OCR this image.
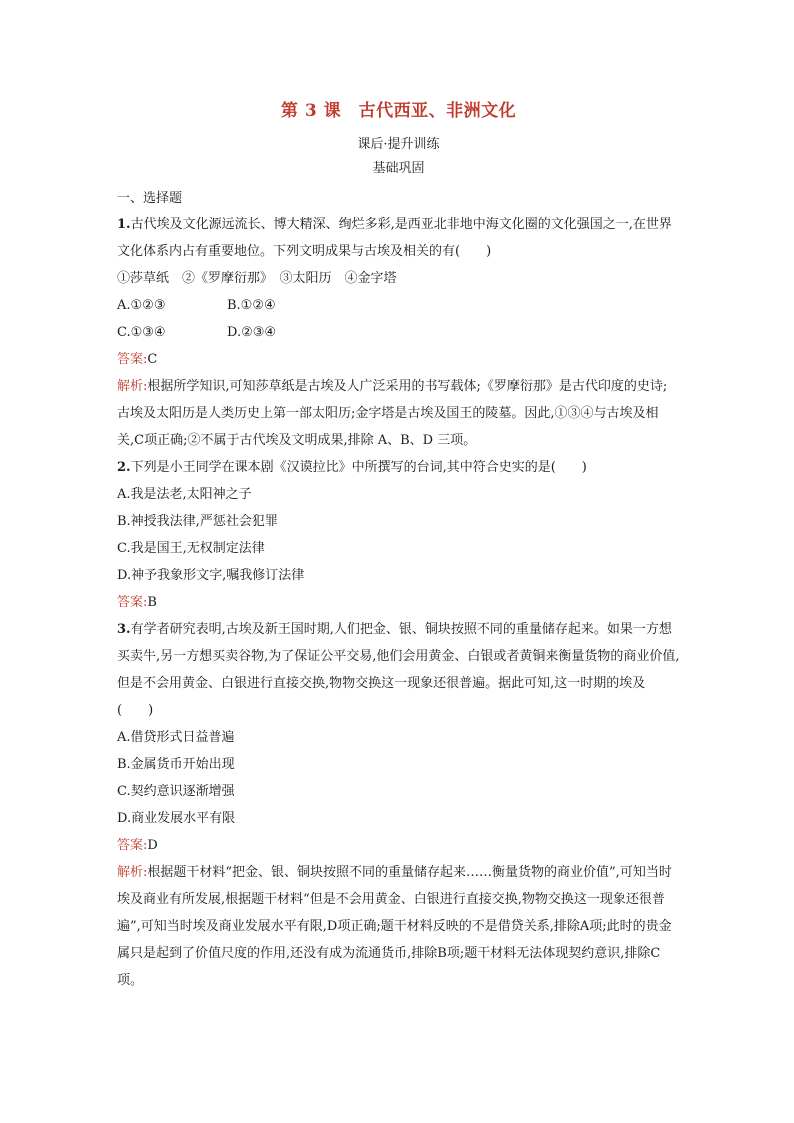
第 3 课　古代西亚、非洲文化
课后·提升训练
基础巩固
一、选择题

1.古代埃及文化源远流长、博大精深、绚烂多彩,是西亚北非地中海文化圈的文化强国之一,在世界文化体系内占有重要地位。下列文明成果与古埃及相关的有(　　)

①莎草纸　②《罗摩衍那》　③太阳历　④金字塔

A.①②③	B.①②④

C.①③④	D.②③④

答案:C

解析:根据所学知识,可知莎草纸是古埃及人广泛采用的书写载体;《罗摩衍那》是古代印度的史诗;古埃及太阳历是人类历史上第一部太阳历;金字塔是古埃及国王的陵墓。因此,①③④与古埃及相关,C项正确;②不属于古代埃及文明成果,排除 A、B、D 三项。

2.下列是小王同学在课本剧《汉谟拉比》中所撰写的台词,其中符合史实的是(　　)

A.我是法老,太阳神之子

B.神授我法律,严惩社会犯罪

C.我是国王,无权制定法律

D.神予我象形文字,嘱我修订法律

答案:B

3.有学者研究表明,古埃及新王国时期,人们把金、银、铜块按照不同的重量储存起来。如果一方想买卖牛,另一方想买卖谷物,为了保证公平交易,他们会用黄金、白银或者黄铜来衡量货物的商业价值,但是不会用黄金、白银进行直接交换,物物交换这一现象还很普遍。据此可知,这一时期的埃及(　　)

A.借贷形式日益普遍

B.金属货币开始出现

C.契约意识逐渐增强

D.商业发展水平有限

答案:D

解析:根据题干材料“把金、银、铜块按照不同的重量储存起来……衡量货物的商业价值”,可知当时埃及商业有所发展,根据题干材料“但是不会用黄金、白银进行直接交换,物物交换这一现象还很普遍”,可知当时埃及商业发展水平有限,D项正确;题干材料反映的不是借贷关系,排除A项;此时的贵金属只是起到了价值尺度的作用,还没有成为流通货币,排除B项;题干材料无法体现契约意识,排除C项。
